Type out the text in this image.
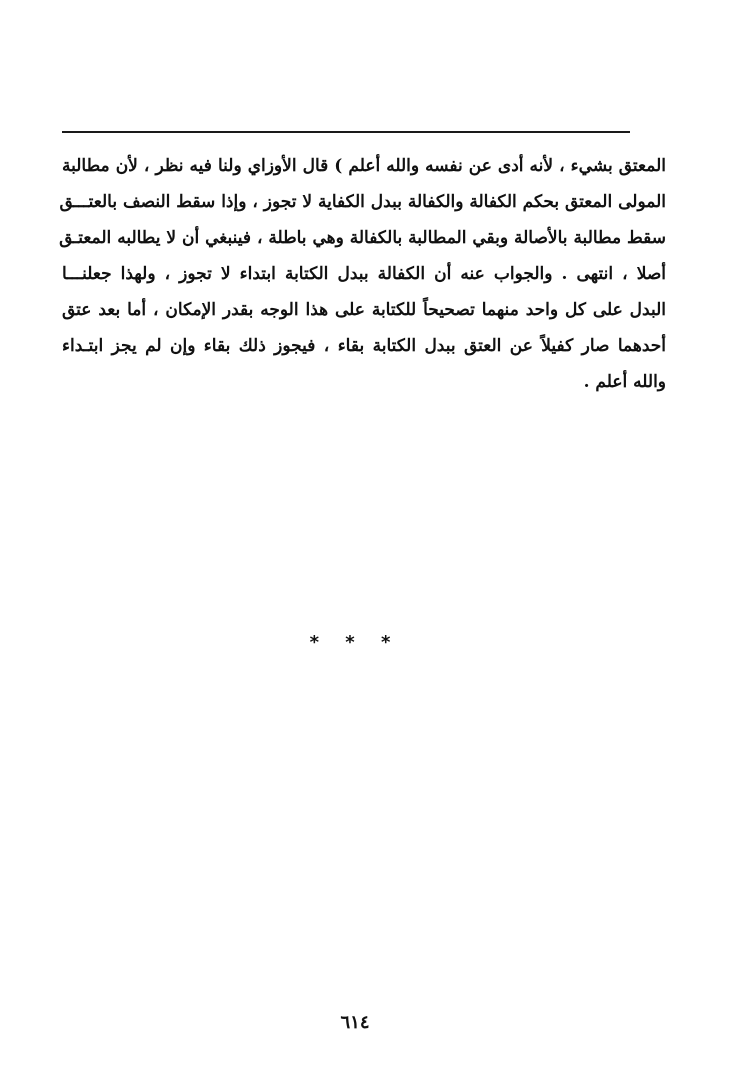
المعتق بشيء ، لأنه أدى عن نفسه والله أعلم ) قال الأوزاي ولنا فيه نظر ، لأن مطالبة
المولى المعتق بحكم الكفالة والكفالة ببدل الكفاية لا تجوز ، وإذا سقط النصف بالعتـــق
سقط مطالبة بالأصالة وبقي المطالبة بالكفالة وهي باطلة ، فينبغي أن لا يطالبه المعتـق
أصلا ، انتهى . والجواب عنه أن الكفالة ببدل الكتابة ابتداء لا تجوز ، ولهذا جعلنـــا
البدل على كل واحد منهما تصحيحاً للكتابة على هذا الوجه بقدر الإمكان ، أما بعد عتق
أحدهما صار كفيلاً عن العتق ببدل الكتابة بقاء ، فيجوز ذلك بقاء وإن لم يجز ابتـداء
والله أعلم .
* * *
٦١٤
